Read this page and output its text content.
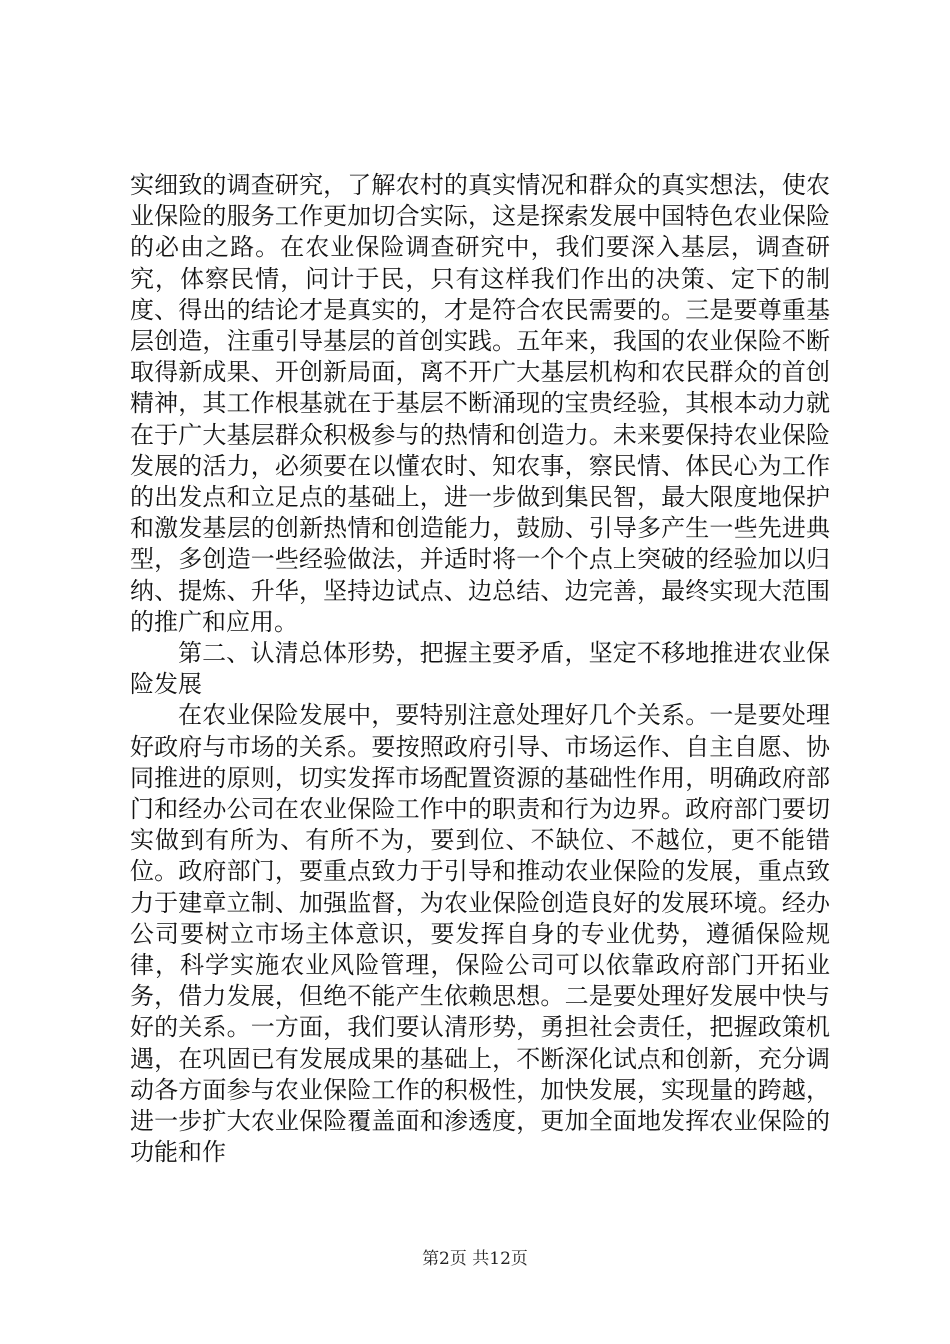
实细致的调查研究，了解农村的真实情况和群众的真实想法，使农业保险的服务工作更加切合实际，这是探索发展中国特色农业保险的必由之路。在农业保险调查研究中，我们要深入基层，调查研究，体察民情，问计于民，只有这样我们作出的决策、定下的制度、得出的结论才是真实的，才是符合农民需要的。三是要尊重基层创造，注重引导基层的首创实践。五年来，我国的农业保险不断取得新成果、开创新局面，离不开广大基层机构和农民群众的首创精神，其工作根基就在于基层不断涌现的宝贵经验，其根本动力就在于广大基层群众积极参与的热情和创造力。未来要保持农业保险发展的活力，必须要在以懂农时、知农事，察民情、体民心为工作的出发点和立足点的基础上，进一步做到集民智，最大限度地保护和激发基层的创新热情和创造能力，鼓励、引导多产生一些先进典型，多创造一些经验做法，并适时将一个个点上突破的经验加以归纳、提炼、升华，坚持边试点、边总结、边完善，最终实现大范围的推广和应用。

第二、认清总体形势，把握主要矛盾，坚定不移地推进农业保险发展

在农业保险发展中，要特别注意处理好几个关系。一是要处理好政府与市场的关系。要按照政府引导、市场运作、自主自愿、协同推进的原则，切实发挥市场配置资源的基础性作用，明确政府部门和经办公司在农业保险工作中的职责和行为边界。政府部门要切实做到有所为、有所不为，要到位、不缺位、不越位，更不能错位。政府部门，要重点致力于引导和推动农业保险的发展，重点致力于建章立制、加强监督，为农业保险创造良好的发展环境。经办公司要树立市场主体意识，要发挥自身的专业优势，遵循保险规律，科学实施农业风险管理，保险公司可以依靠政府部门开拓业务，借力发展，但绝不能产生依赖思想。二是要处理好发展中快与好的关系。一方面，我们要认清形势，勇担社会责任，把握政策机遇，在巩固已有发展成果的基础上，不断深化试点和创新，充分调动各方面参与农业保险工作的积极性，加快发展，实现量的跨越，进一步扩大农业保险覆盖面和渗透度，更加全面地发挥农业保险的功能和作

第2页 共12页
